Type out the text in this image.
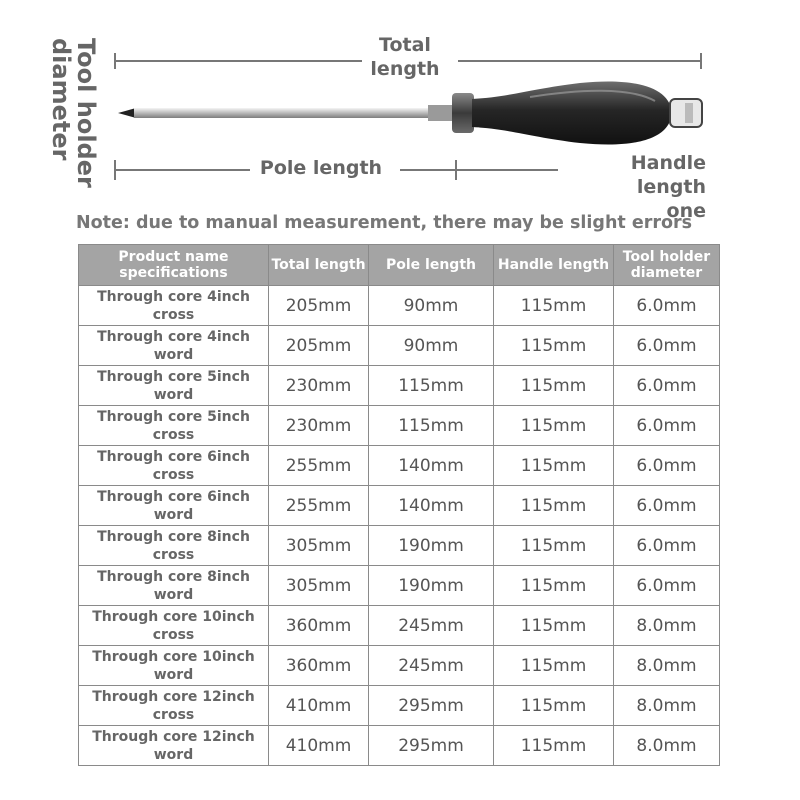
Tool holder
diameter	Total
length
Pole length	Handle length
one
Note: due to manual measurement, there may be slight errors
Product name specifications	Total length	Pole length	Handle length	Tool holder diameter

Through core 4inch cross	205mm	90mm	115mm	6.0mm

Through core 4inch word	205mm	90mm	115mm	6.0mm

Through core 5inch word	230mm	115mm	115mm	6.0mm

Through core 5inch cross	230mm	115mm	115mm	6.0mm

Through core 6inch cross	255mm	140mm	115mm	6.0mm

Through core 6inch word	255mm	140mm	115mm	6.0mm

Through core 8inch cross	305mm	190mm	115mm	6.0mm

Through core 8inch word	305mm	190mm	115mm	6.0mm

Through core 10inch cross	360mm	245mm	115mm	8.0mm

Through core 10inch word	360mm	245mm	115mm	8.0mm

Through core 12inch cross	410mm	295mm	115mm	8.0mm

Through core 12inch word	410mm	295mm	115mm	8.0mm
